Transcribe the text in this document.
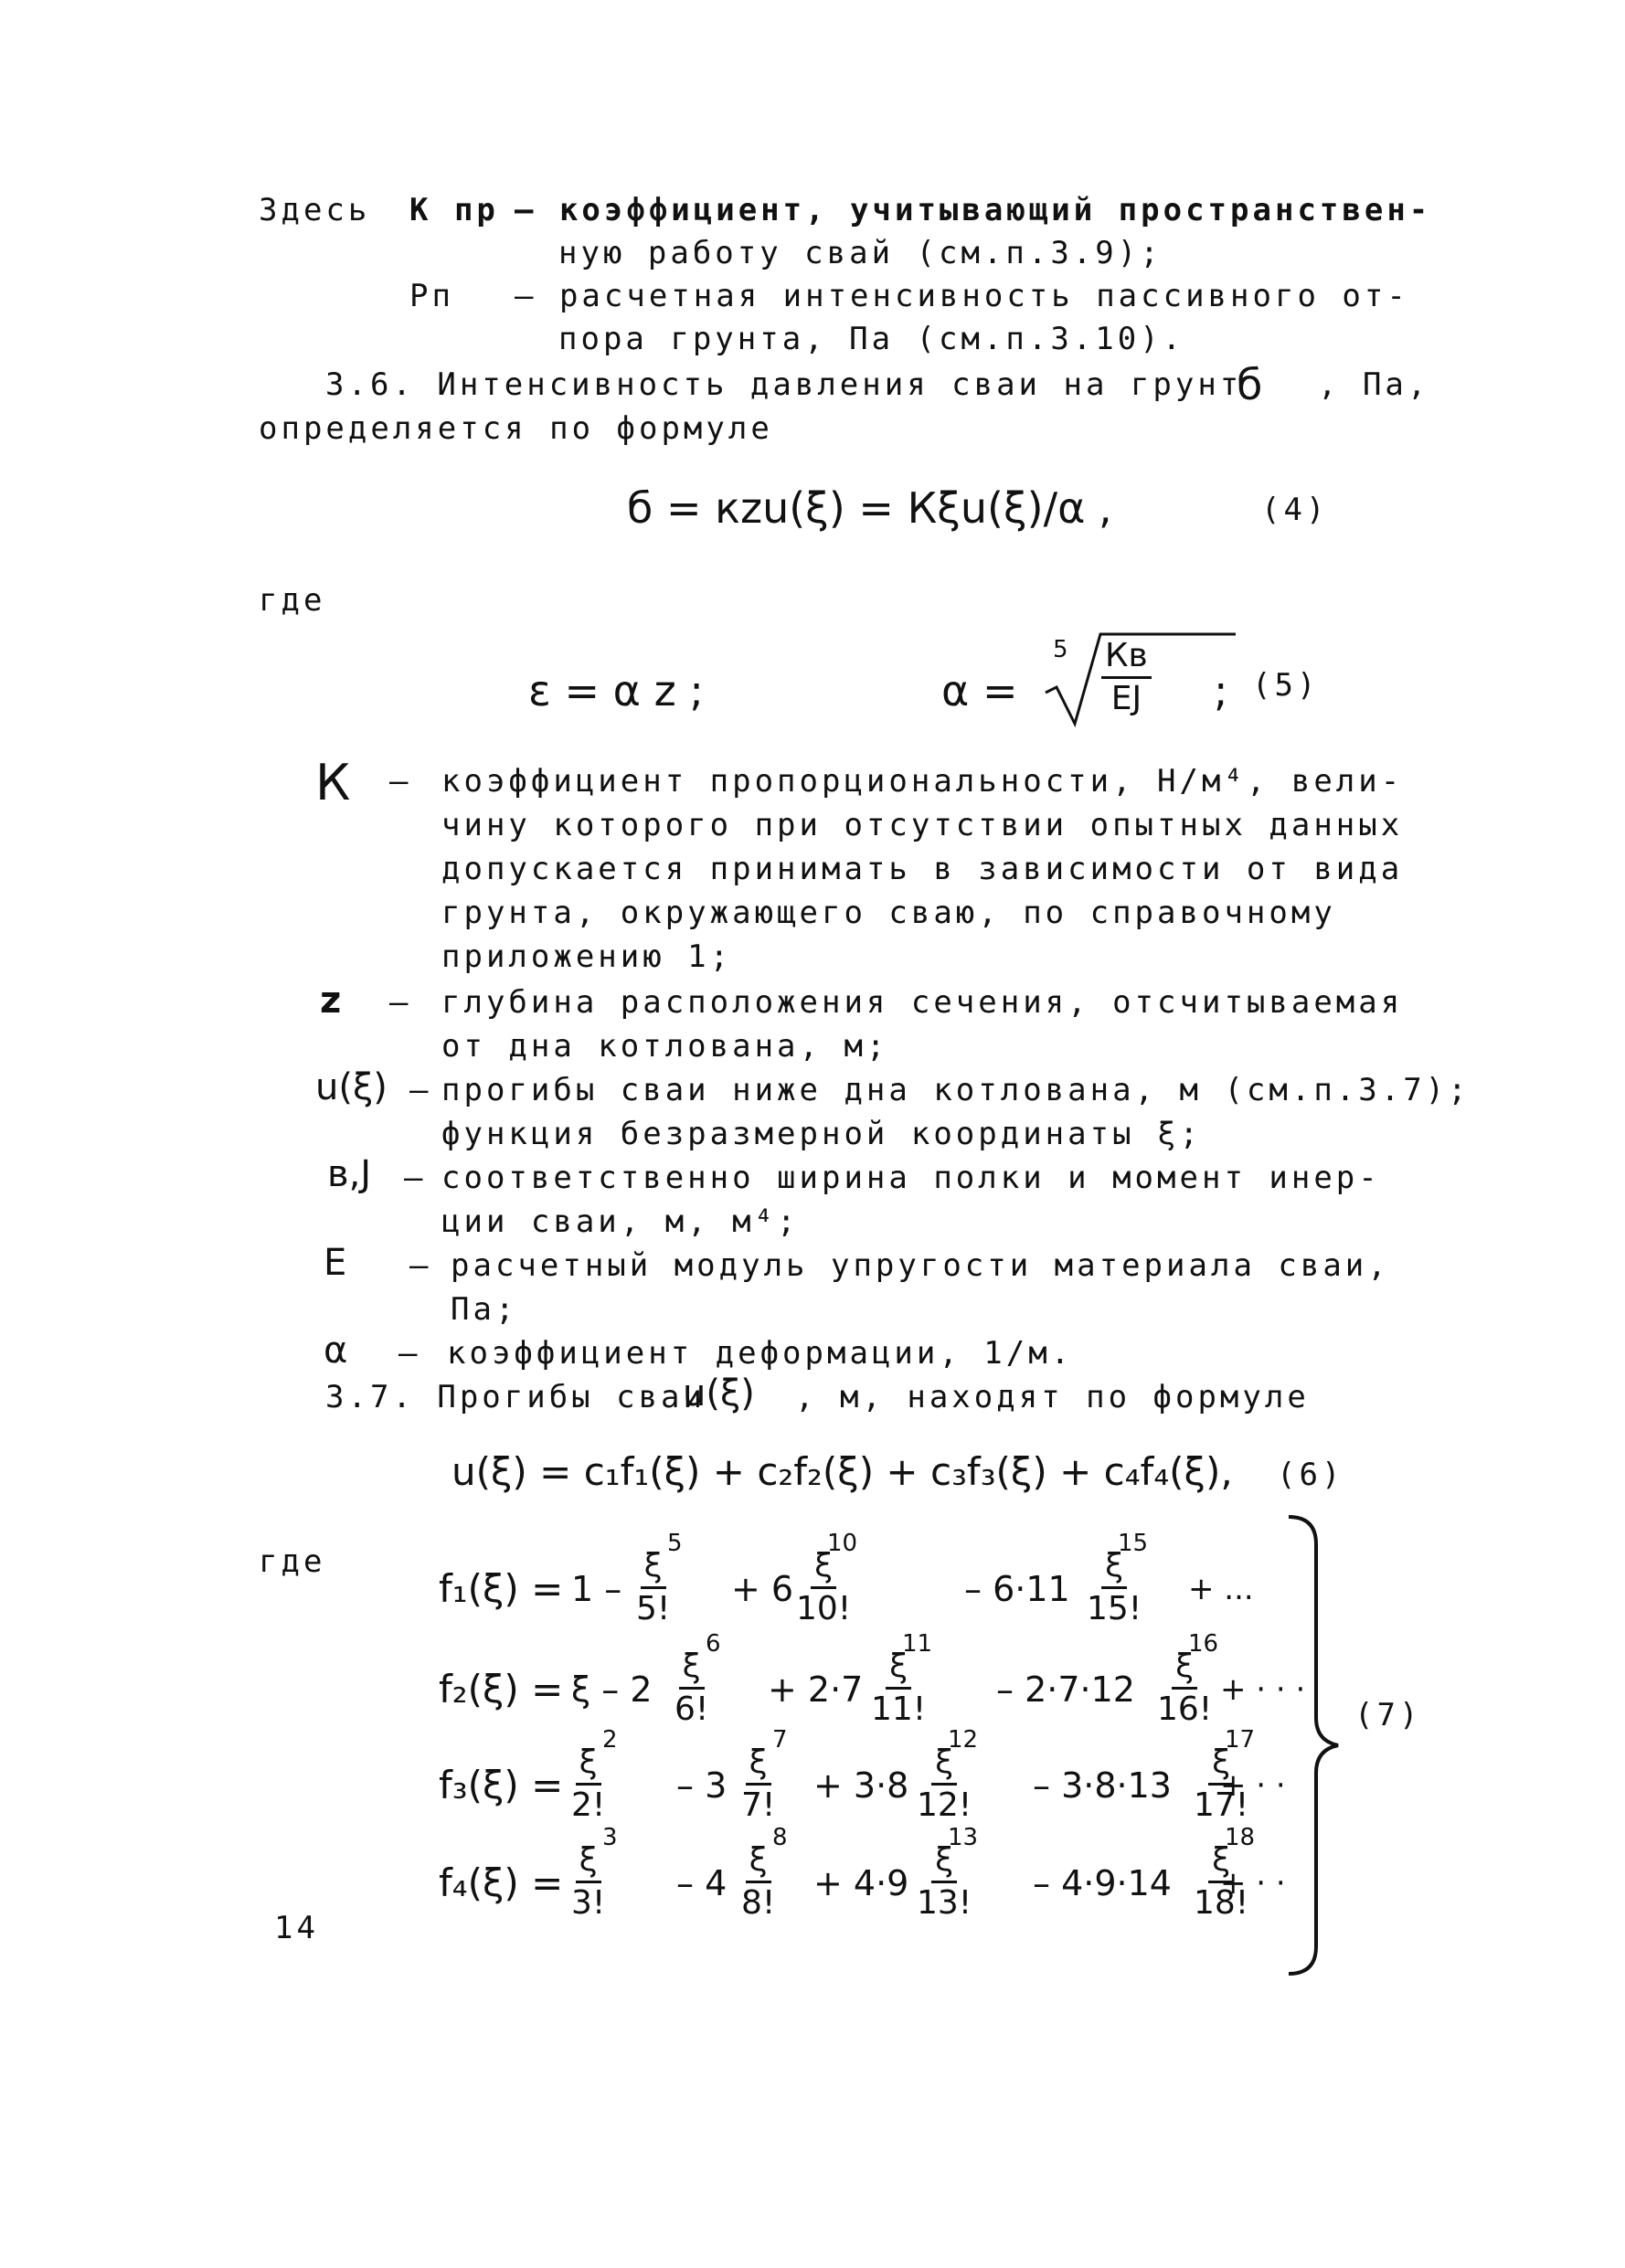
Здесь К пр – коэффициент, учитывающий пространствен-
ную работу свай (см.п.3.9);
Рп – расчетная интенсивность пассивного от-
пора грунта, Па (см.п.3.10).
3.6. Интенсивность давления сваи на грунт
б , Па,
определяется по формуле
б = кzu(ξ) = Кξu(ξ)/α ,	(4)
где
ε = α z ;	α =
5 Кв
EJ ; (5)
К – коэффициент пропорциональности, Н/м⁴, вели-
чину которого при отсутствии опытных данных
допускается принимать в зависимости от вида
грунта, окружающего сваю, по справочному
приложению 1;
z – глубина расположения сечения, отсчитываемая
от дна котлована, м;
u(ξ) – прогибы сваи ниже дна котлована, м (см.п.3.7);
функция безразмерной координаты ξ;
в,J – соответственно ширина полки и момент инер-
ции сваи, м, м⁴;
E – расчетный модуль упругости материала сваи,
Па;
α – коэффициент деформации, 1/м.
3.7. Прогибы сваи
u(ξ) , м, находят по формуле
u(ξ) = c₁f₁(ξ) + c₂f₂(ξ) + c₃f₃(ξ) + c₄f₄(ξ), (6)
где
$f_1(\xi) = 1 - \frac{\xi}{5!}$
5
+ $6 \frac{\xi}{10!}$
10
– $6\cdot 11 \frac{\xi}{15!}$
15
+ ...
$f_2(\xi) = \xi - 2 \frac{\xi}{6!}$
6
+ $2\cdot 7 \frac{\xi}{11!}$
11
– $2\cdot 7\cdot 12 \frac{\xi}{16!}$
16
+ · · ·
$f_3(\xi) = \frac{\xi}{2!}$
2
– $3 \frac{\xi}{7!}$
7
+ $3\cdot 8 \frac{\xi}{12!}$
12
– $3\cdot 8\cdot 13 \frac{\xi}{17!}$
17
+ · ·
$f_4(\xi) = \frac{\xi}{3!}$
3
– $4 \frac{\xi}{8!}$
8
+ $4\cdot 9 \frac{\xi}{13!}$
13
– $4\cdot 9\cdot 14 \frac{\xi}{18!}$
18
+ · ·
(7)
14
